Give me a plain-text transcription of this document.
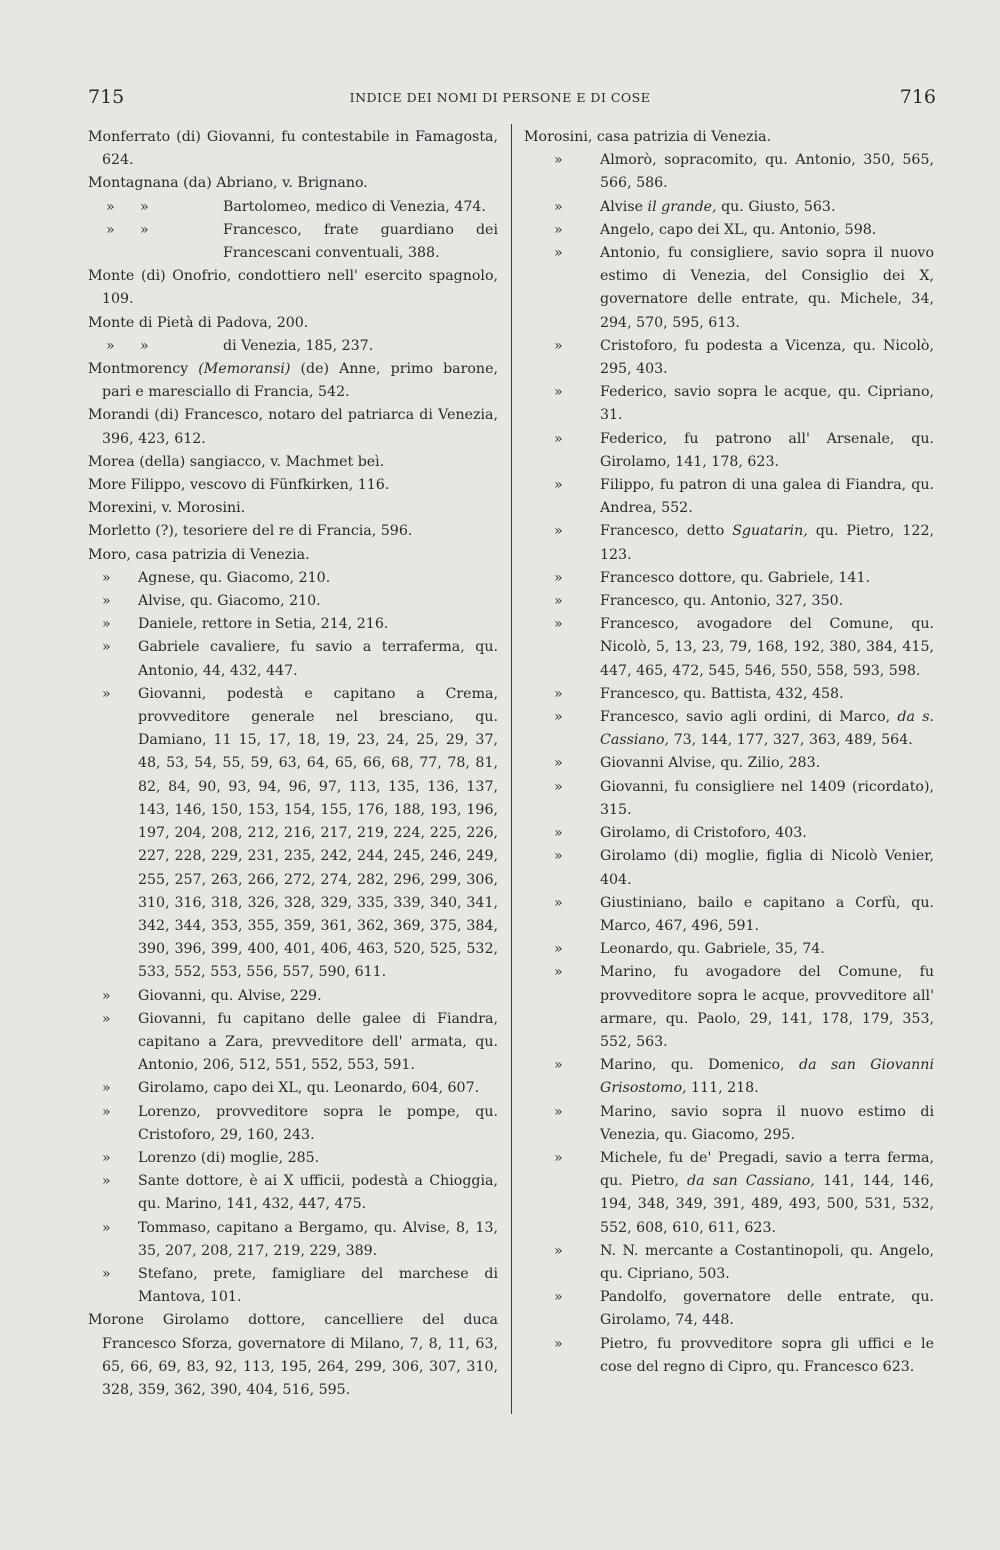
715	INDICE DEI NOMI DI PERSONE E DI COSE	716
Monferrato (di) Giovanni, fu contestabile in Famagosta, 624.
Montagnana (da) Abriano, v. Brignano.
» »	Bartolomeo, medico di Venezia, 474.
» »	Francesco, frate guardiano dei Francescani conventuali, 388.
Monte (di) Onofrio, condottiero nell' esercito spagnolo, 109.
Monte di Pietà di Padova, 200.
» »	di Venezia, 185, 237.
Montmorency (Memoransi) (de) Anne, primo barone, pari e maresciallo di Francia, 542.
Morandi (di) Francesco, notaro del patriarca di Venezia, 396, 423, 612.
Morea (della) sangiacco, v. Machmet beì.
More Filippo, vescovo di Fünfkirken, 116.
Morexini, v. Morosini.
Morletto (?), tesoriere del re di Francia, 596.
Moro, casa patrizia di Venezia.
» Agnese, qu. Giacomo, 210.
» Alvise, qu. Giacomo, 210.
» Daniele, rettore in Setia, 214, 216.
» Gabriele cavaliere, fu savio a terraferma, qu. Antonio, 44, 432, 447.
» Giovanni, podestà e capitano a Crema, provveditore generale nel bresciano, qu. Damiano, 11 15, 17, 18, 19, 23, 24, 25, 29, 37, 48, 53, 54, 55, 59, 63, 64, 65, 66, 68, 77, 78, 81, 82, 84, 90, 93, 94, 96, 97, 113, 135, 136, 137, 143, 146, 150, 153, 154, 155, 176, 188, 193, 196, 197, 204, 208, 212, 216, 217, 219, 224, 225, 226, 227, 228, 229, 231, 235, 242, 244, 245, 246, 249, 255, 257, 263, 266, 272, 274, 282, 296, 299, 306, 310, 316, 318, 326, 328, 329, 335, 339, 340, 341, 342, 344, 353, 355, 359, 361, 362, 369, 375, 384, 390, 396, 399, 400, 401, 406, 463, 520, 525, 532, 533, 552, 553, 556, 557, 590, 611.
» Giovanni, qu. Alvise, 229.
» Giovanni, fu capitano delle galee di Fiandra, capitano a Zara, prevveditore dell' armata, qu. Antonio, 206, 512, 551, 552, 553, 591.
» Girolamo, capo dei XL, qu. Leonardo, 604, 607.
» Lorenzo, provveditore sopra le pompe, qu. Cristoforo, 29, 160, 243.
» Lorenzo (di) moglie, 285.
» Sante dottore, è ai X ufficii, podestà a Chioggia, qu. Marino, 141, 432, 447, 475.
» Tommaso, capitano a Bergamo, qu. Alvise, 8, 13, 35, 207, 208, 217, 219, 229, 389.
» Stefano, prete, famigliare del marchese di Mantova, 101.
Morone Girolamo dottore, cancelliere del duca Francesco Sforza, governatore di Milano, 7, 8, 11, 63, 65, 66, 69, 83, 92, 113, 195, 264, 299, 306, 307, 310, 328, 359, 362, 390, 404, 516, 595.
Morosini, casa patrizia di Venezia.
»	Almorò, sopracomito, qu. Antonio, 350, 565, 566, 586.
»	Alvise il grande, qu. Giusto, 563.
»	Angelo, capo dei XL, qu. Antonio, 598.
»	Antonio, fu consigliere, savio sopra il nuovo estimo di Venezia, del Consiglio dei X, governatore delle entrate, qu. Michele, 34, 294, 570, 595, 613.
»	Cristoforo, fu podesta a Vicenza, qu. Nicolò, 295, 403.
»	Federico, savio sopra le acque, qu. Cipriano, 31.
»	Federico, fu patrono all' Arsenale, qu. Girolamo, 141, 178, 623.
»	Filippo, fu patron di una galea di Fiandra, qu. Andrea, 552.
»	Francesco, detto Sguatarin, qu. Pietro, 122, 123.
»	Francesco dottore, qu. Gabriele, 141.
»	Francesco, qu. Antonio, 327, 350.
»	Francesco, avogadore del Comune, qu. Nicolò, 5, 13, 23, 79, 168, 192, 380, 384, 415, 447, 465, 472, 545, 546, 550, 558, 593, 598.
»	Francesco, qu. Battista, 432, 458.
»	Francesco, savio agli ordini, di Marco, da s. Cassiano, 73, 144, 177, 327, 363, 489, 564.
»	Giovanni Alvise, qu. Zilio, 283.
»	Giovanni, fu consigliere nel 1409 (ricordato), 315.
»	Girolamo, di Cristoforo, 403.
»	Girolamo (di) moglie, figlia di Nicolò Venier, 404.
»	Giustiniano, bailo e capitano a Corfù, qu. Marco, 467, 496, 591.
»	Leonardo, qu. Gabriele, 35, 74.
»	Marino, fu avogadore del Comune, fu provveditore sopra le acque, provveditore all' armare, qu. Paolo, 29, 141, 178, 179, 353, 552, 563.
»	Marino, qu. Domenico, da san Giovanni Grisostomo, 111, 218.
»	Marino, savio sopra il nuovo estimo di Venezia, qu. Giacomo, 295.
»	Michele, fu de' Pregadi, savio a terra ferma, qu. Pietro, da san Cassiano, 141, 144, 146, 194, 348, 349, 391, 489, 493, 500, 531, 532, 552, 608, 610, 611, 623.
»	N. N. mercante a Costantinopoli, qu. Angelo, qu. Cipriano, 503.
»	Pandolfo, governatore delle entrate, qu. Girolamo, 74, 448.
»	Pietro, fu provveditore sopra gli uffici e le cose del regno di Cipro, qu. Francesco 623.
